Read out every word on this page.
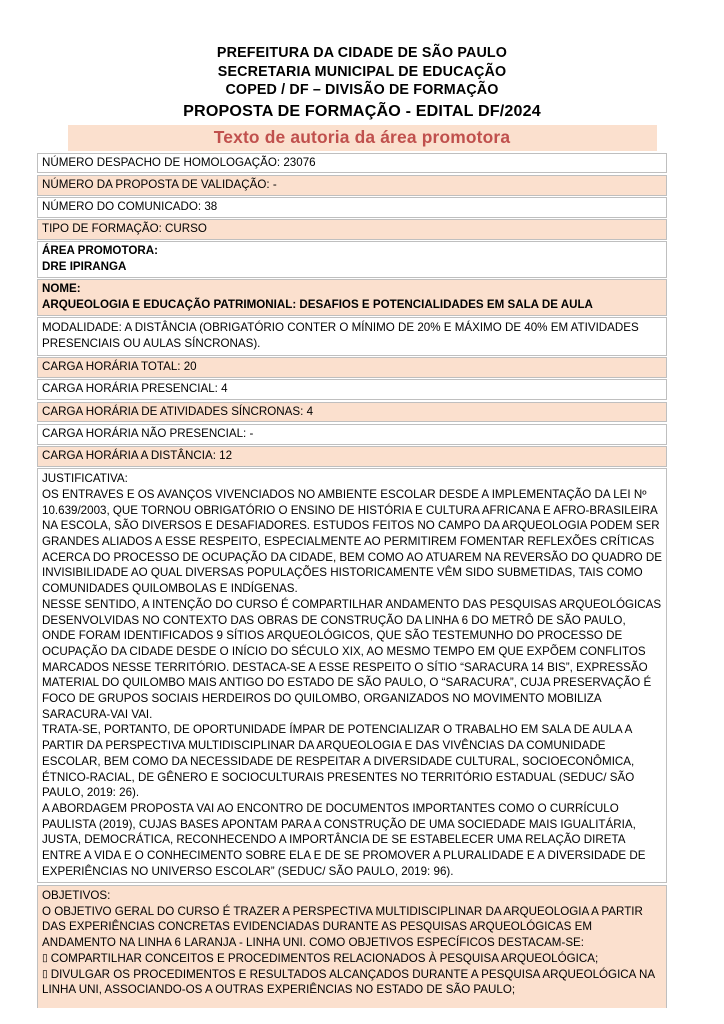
PREFEITURA DA CIDADE DE SÃO PAULO
SECRETARIA MUNICIPAL DE EDUCAÇÃO
COPED / DF – DIVISÃO DE FORMAÇÃO
PROPOSTA DE FORMAÇÃO - EDITAL DF/2024
Texto de autoria da área promotora
NÚMERO DESPACHO DE HOMOLOGAÇÃO: 23076
NÚMERO DA PROPOSTA DE VALIDAÇÃO: -
NÚMERO DO COMUNICADO: 38
TIPO DE FORMAÇÃO: CURSO
ÁREA PROMOTORA:
DRE IPIRANGA
NOME:
ARQUEOLOGIA E EDUCAÇÃO PATRIMONIAL: DESAFIOS E POTENCIALIDADES EM SALA DE AULA
MODALIDADE: A DISTÂNCIA (OBRIGATÓRIO CONTER O MÍNIMO DE 20% E MÁXIMO DE 40% EM ATIVIDADES PRESENCIAIS OU AULAS SÍNCRONAS).
CARGA HORÁRIA TOTAL: 20
CARGA HORÁRIA PRESENCIAL: 4
CARGA HORÁRIA DE ATIVIDADES SÍNCRONAS: 4
CARGA HORÁRIA NÃO PRESENCIAL: -
CARGA HORÁRIA A DISTÂNCIA: 12
JUSTIFICATIVA:
OS ENTRAVES E OS AVANÇOS VIVENCIADOS NO AMBIENTE ESCOLAR DESDE A IMPLEMENTAÇÃO DA LEI Nº 10.639/2003, QUE TORNOU OBRIGATÓRIO O ENSINO DE HISTÓRIA E CULTURA AFRICANA E AFRO-BRASILEIRA NA ESCOLA, SÃO DIVERSOS E DESAFIADORES. ESTUDOS FEITOS NO CAMPO DA ARQUEOLOGIA PODEM SER GRANDES ALIADOS A ESSE RESPEITO, ESPECIALMENTE AO PERMITIREM FOMENTAR REFLEXÕES CRÍTICAS ACERCA DO PROCESSO DE OCUPAÇÃO DA CIDADE, BEM COMO AO ATUAREM NA REVERSÃO DO QUADRO DE INVISIBILIDADE AO QUAL DIVERSAS POPULAÇÕES HISTORICAMENTE VÊM SIDO SUBMETIDAS, TAIS COMO COMUNIDADES QUILOMBOLAS E INDÍGENAS.
NESSE SENTIDO, A INTENÇÃO DO CURSO É COMPARTILHAR ANDAMENTO DAS PESQUISAS ARQUEOLÓGICAS DESENVOLVIDAS NO CONTEXTO DAS OBRAS DE CONSTRUÇÃO DA LINHA 6 DO METRÔ DE SÃO PAULO, ONDE FORAM IDENTIFICADOS 9 SÍTIOS ARQUEOLÓGICOS, QUE SÃO TESTEMUNHO DO PROCESSO DE OCUPAÇÃO DA CIDADE DESDE O INÍCIO DO SÉCULO XIX, AO MESMO TEMPO EM QUE EXPÕEM CONFLITOS MARCADOS NESSE TERRITÓRIO. DESTACA-SE A ESSE RESPEITO O SÍTIO “SARACURA 14 BIS”, EXPRESSÃO MATERIAL DO QUILOMBO MAIS ANTIGO DO ESTADO DE SÃO PAULO, O “SARACURA”, CUJA PRESERVAÇÃO É FOCO DE GRUPOS SOCIAIS HERDEIROS DO QUILOMBO, ORGANIZADOS NO MOVIMENTO MOBILIZA SARACURA-VAI VAI.
TRATA-SE, PORTANTO, DE OPORTUNIDADE ÍMPAR DE POTENCIALIZAR O TRABALHO EM SALA DE AULA A PARTIR DA PERSPECTIVA MULTIDISCIPLINAR DA ARQUEOLOGIA E DAS VIVÊNCIAS DA COMUNIDADE ESCOLAR, BEM COMO DA NECESSIDADE DE RESPEITAR A DIVERSIDADE CULTURAL, SOCIOECONÔMICA, ÉTNICO-RACIAL, DE GÊNERO E SOCIOCULTURAIS PRESENTES NO TERRITÓRIO ESTADUAL (SEDUC/ SÃO PAULO, 2019: 26).
A ABORDAGEM PROPOSTA VAI AO ENCONTRO DE DOCUMENTOS IMPORTANTES COMO O CURRÍCULO PAULISTA (2019), CUJAS BASES APONTAM PARA A CONSTRUÇÃO DE UMA SOCIEDADE MAIS IGUALITÁRIA, JUSTA, DEMOCRÁTICA, RECONHECENDO A IMPORTÂNCIA DE SE ESTABELECER UMA RELAÇÃO DIRETA ENTRE A VIDA E O CONHECIMENTO SOBRE ELA E DE SE PROMOVER A PLURALIDADE E A DIVERSIDADE DE EXPERIÊNCIAS NO UNIVERSO ESCOLAR” (SEDUC/ SÃO PAULO, 2019: 96).
OBJETIVOS:
O OBJETIVO GERAL DO CURSO É TRAZER A PERSPECTIVA MULTIDISCIPLINAR DA ARQUEOLOGIA A PARTIR DAS EXPERIÊNCIAS CONCRETAS EVIDENCIADAS DURANTE AS PESQUISAS ARQUEOLÓGICAS EM ANDAMENTO NA LINHA 6 LARANJA - LINHA UNI. COMO OBJETIVOS ESPECÍFICOS DESTACAM-SE:
▯ COMPARTILHAR CONCEITOS E PROCEDIMENTOS RELACIONADOS À PESQUISA ARQUEOLÓGICA;
▯ DIVULGAR OS PROCEDIMENTOS E RESULTADOS ALCANÇADOS DURANTE A PESQUISA ARQUEOLÓGICA NA LINHA UNI, ASSOCIANDO-OS A OUTRAS EXPERIÊNCIAS NO ESTADO DE SÃO PAULO;
